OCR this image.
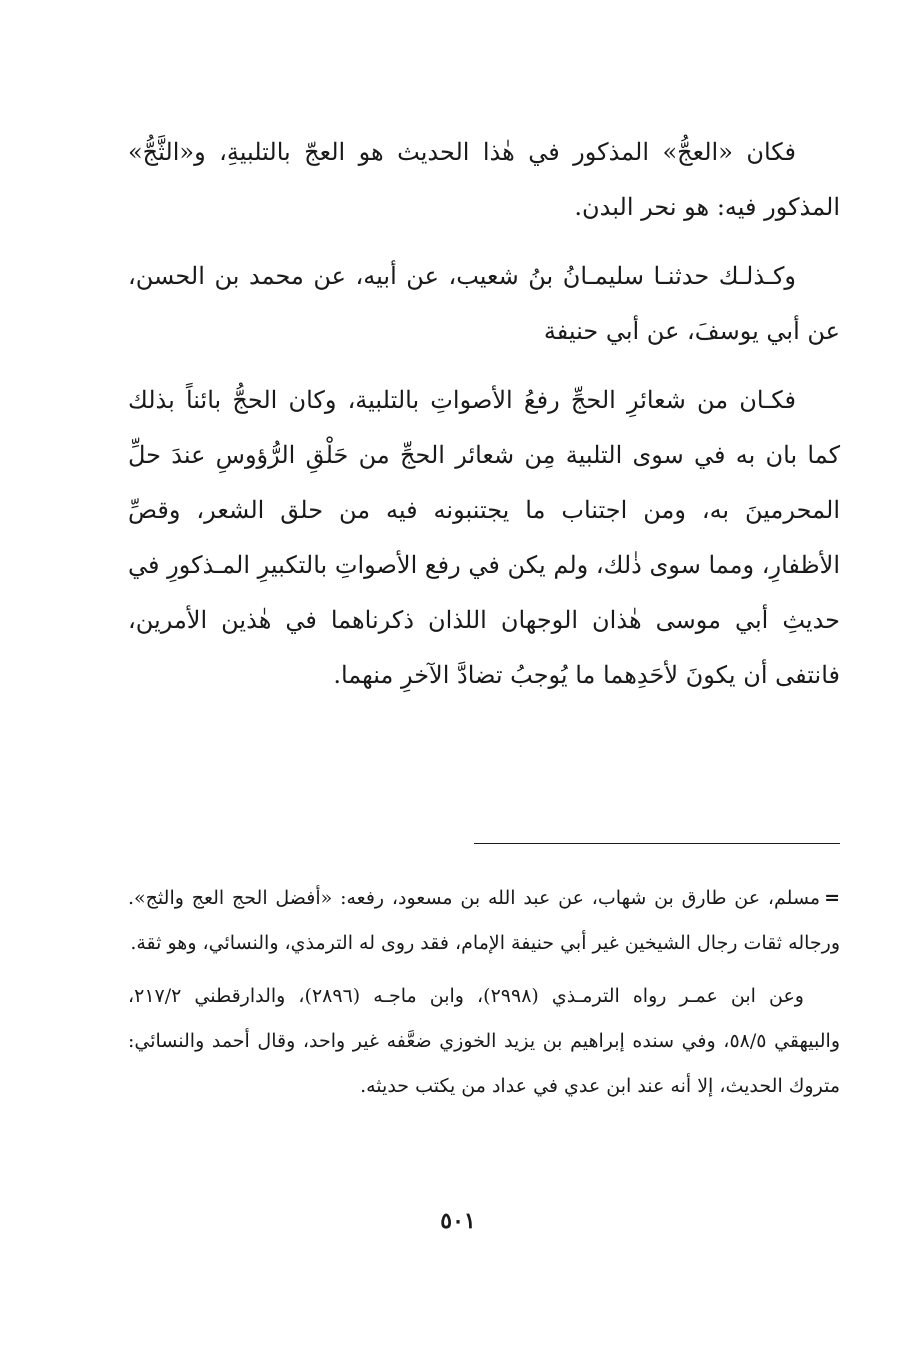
فكان «العجُّ» المذكور في هٰذا الحديث هو العجّ بالتلبيةِ، و«الثَّجُّ» المذكور فيه: هو نحر البدن.

وكـذلـك حدثنـا سليمـانُ بنُ شعيب، عن أبيه، عن محمد بن الحسن، عن أبي يوسفَ، عن أبي حنيفة

فكـان من شعائرِ الحجِّ رفعُ الأصواتِ بالتلبية، وكان الحجُّ بائناً بذلك كما بان به في سوى التلبية مِن شعائر الحجِّ من حَلْقِ الرُّؤوسِ عندَ حلِّ المحرمينَ به، ومن اجتناب ما يجتنبونه فيه من حلق الشعر، وقصِّ الأظفارِ، ومما سوى ذٰلك، ولم يكن في رفع الأصواتِ بالتكبيرِ المـذكورِ في حديثِ أبي موسى هٰذان الوجهان اللذان ذكرناهما في هٰذين الأمرين، فانتفى أن يكونَ لأحَدِهما ما يُوجبُ تضادَّ الآخرِ منهما.

=مسلم، عن طارق بن شهاب، عن عبد الله بن مسعود، رفعه: «أفضل الحج العج والثج». ورجاله ثقات رجال الشيخين غير أبي حنيفة الإمام، فقد روى له الترمذي، والنسائي، وهو ثقة.

وعن ابن عمـر رواه الترمـذي (٢٩٩٨)، وابن ماجـه (٢٨٩٦)، والدارقطني ٢١٧/٢، والبيهقي ٥٨/٥، وفي سنده إبراهيم بن يزيد الخوزي ضعَّفه غير واحد، وقال أحمد والنسائي: متروك الحديث، إلا أنه عند ابن عدي في عداد من يكتب حديثه.

٥٠١
